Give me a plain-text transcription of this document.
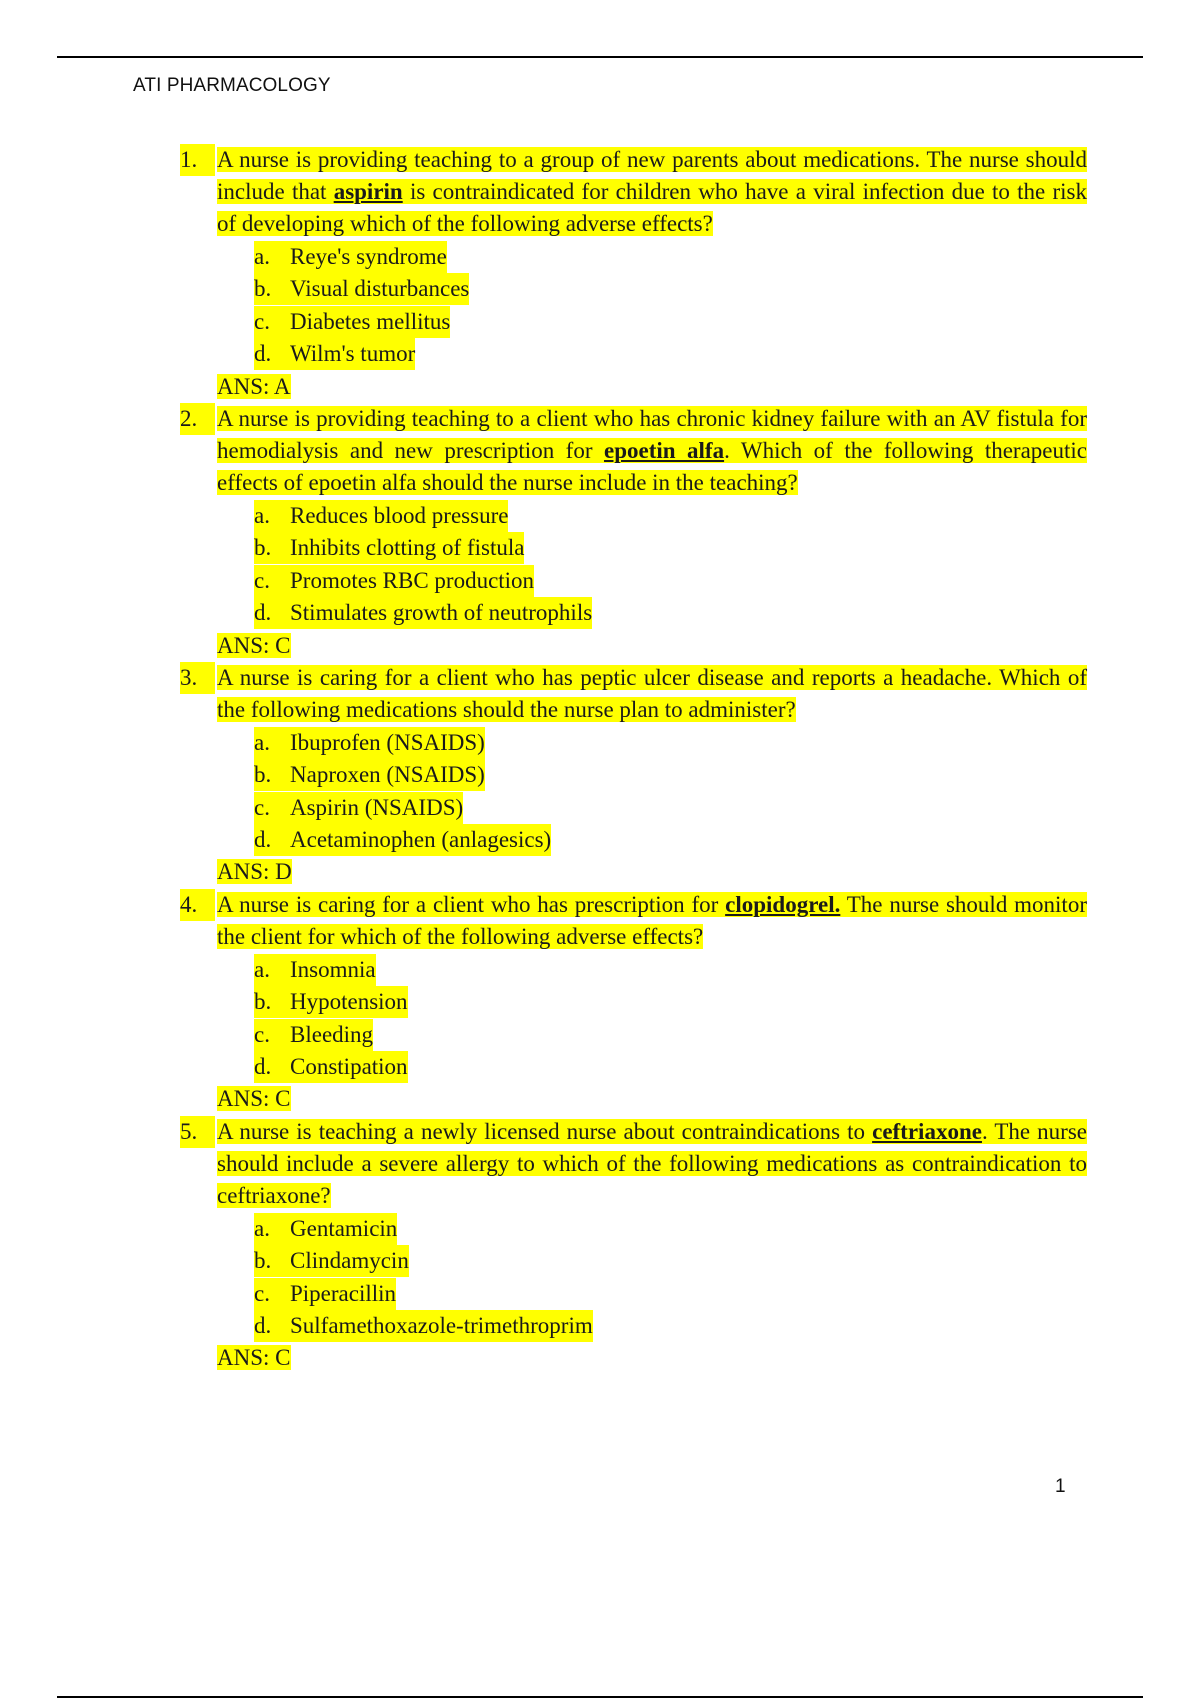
ATI PHARMACOLOGY
1. A nurse is providing teaching to a group of new parents about medications. The nurse should include that aspirin is contraindicated for children who have a viral infection due to the risk of developing which of the following adverse effects?
a. Reye's syndrome
b. Visual disturbances
c. Diabetes mellitus
d. Wilm's tumor
ANS: A
2. A nurse is providing teaching to a client who has chronic kidney failure with an AV fistula for hemodialysis and new prescription for epoetin alfa. Which of the following therapeutic effects of epoetin alfa should the nurse include in the teaching?
a. Reduces blood pressure
b. Inhibits clotting of fistula
c. Promotes RBC production
d. Stimulates growth of neutrophils
ANS: C
3. A nurse is caring for a client who has peptic ulcer disease and reports a headache. Which of the following medications should the nurse plan to administer?
a. Ibuprofen (NSAIDS)
b. Naproxen (NSAIDS)
c. Aspirin (NSAIDS)
d. Acetaminophen (anlagesics)
ANS: D
4. A nurse is caring for a client who has prescription for clopidogrel. The nurse should monitor the client for which of the following adverse effects?
a. Insomnia
b. Hypotension
c. Bleeding
d. Constipation
ANS: C
5. A nurse is teaching a newly licensed nurse about contraindications to ceftriaxone. The nurse should include a severe allergy to which of the following medications as contraindication to ceftriaxone?
a. Gentamicin
b. Clindamycin
c. Piperacillin
d. Sulfamethoxazole-trimethroprim
ANS: C
1
